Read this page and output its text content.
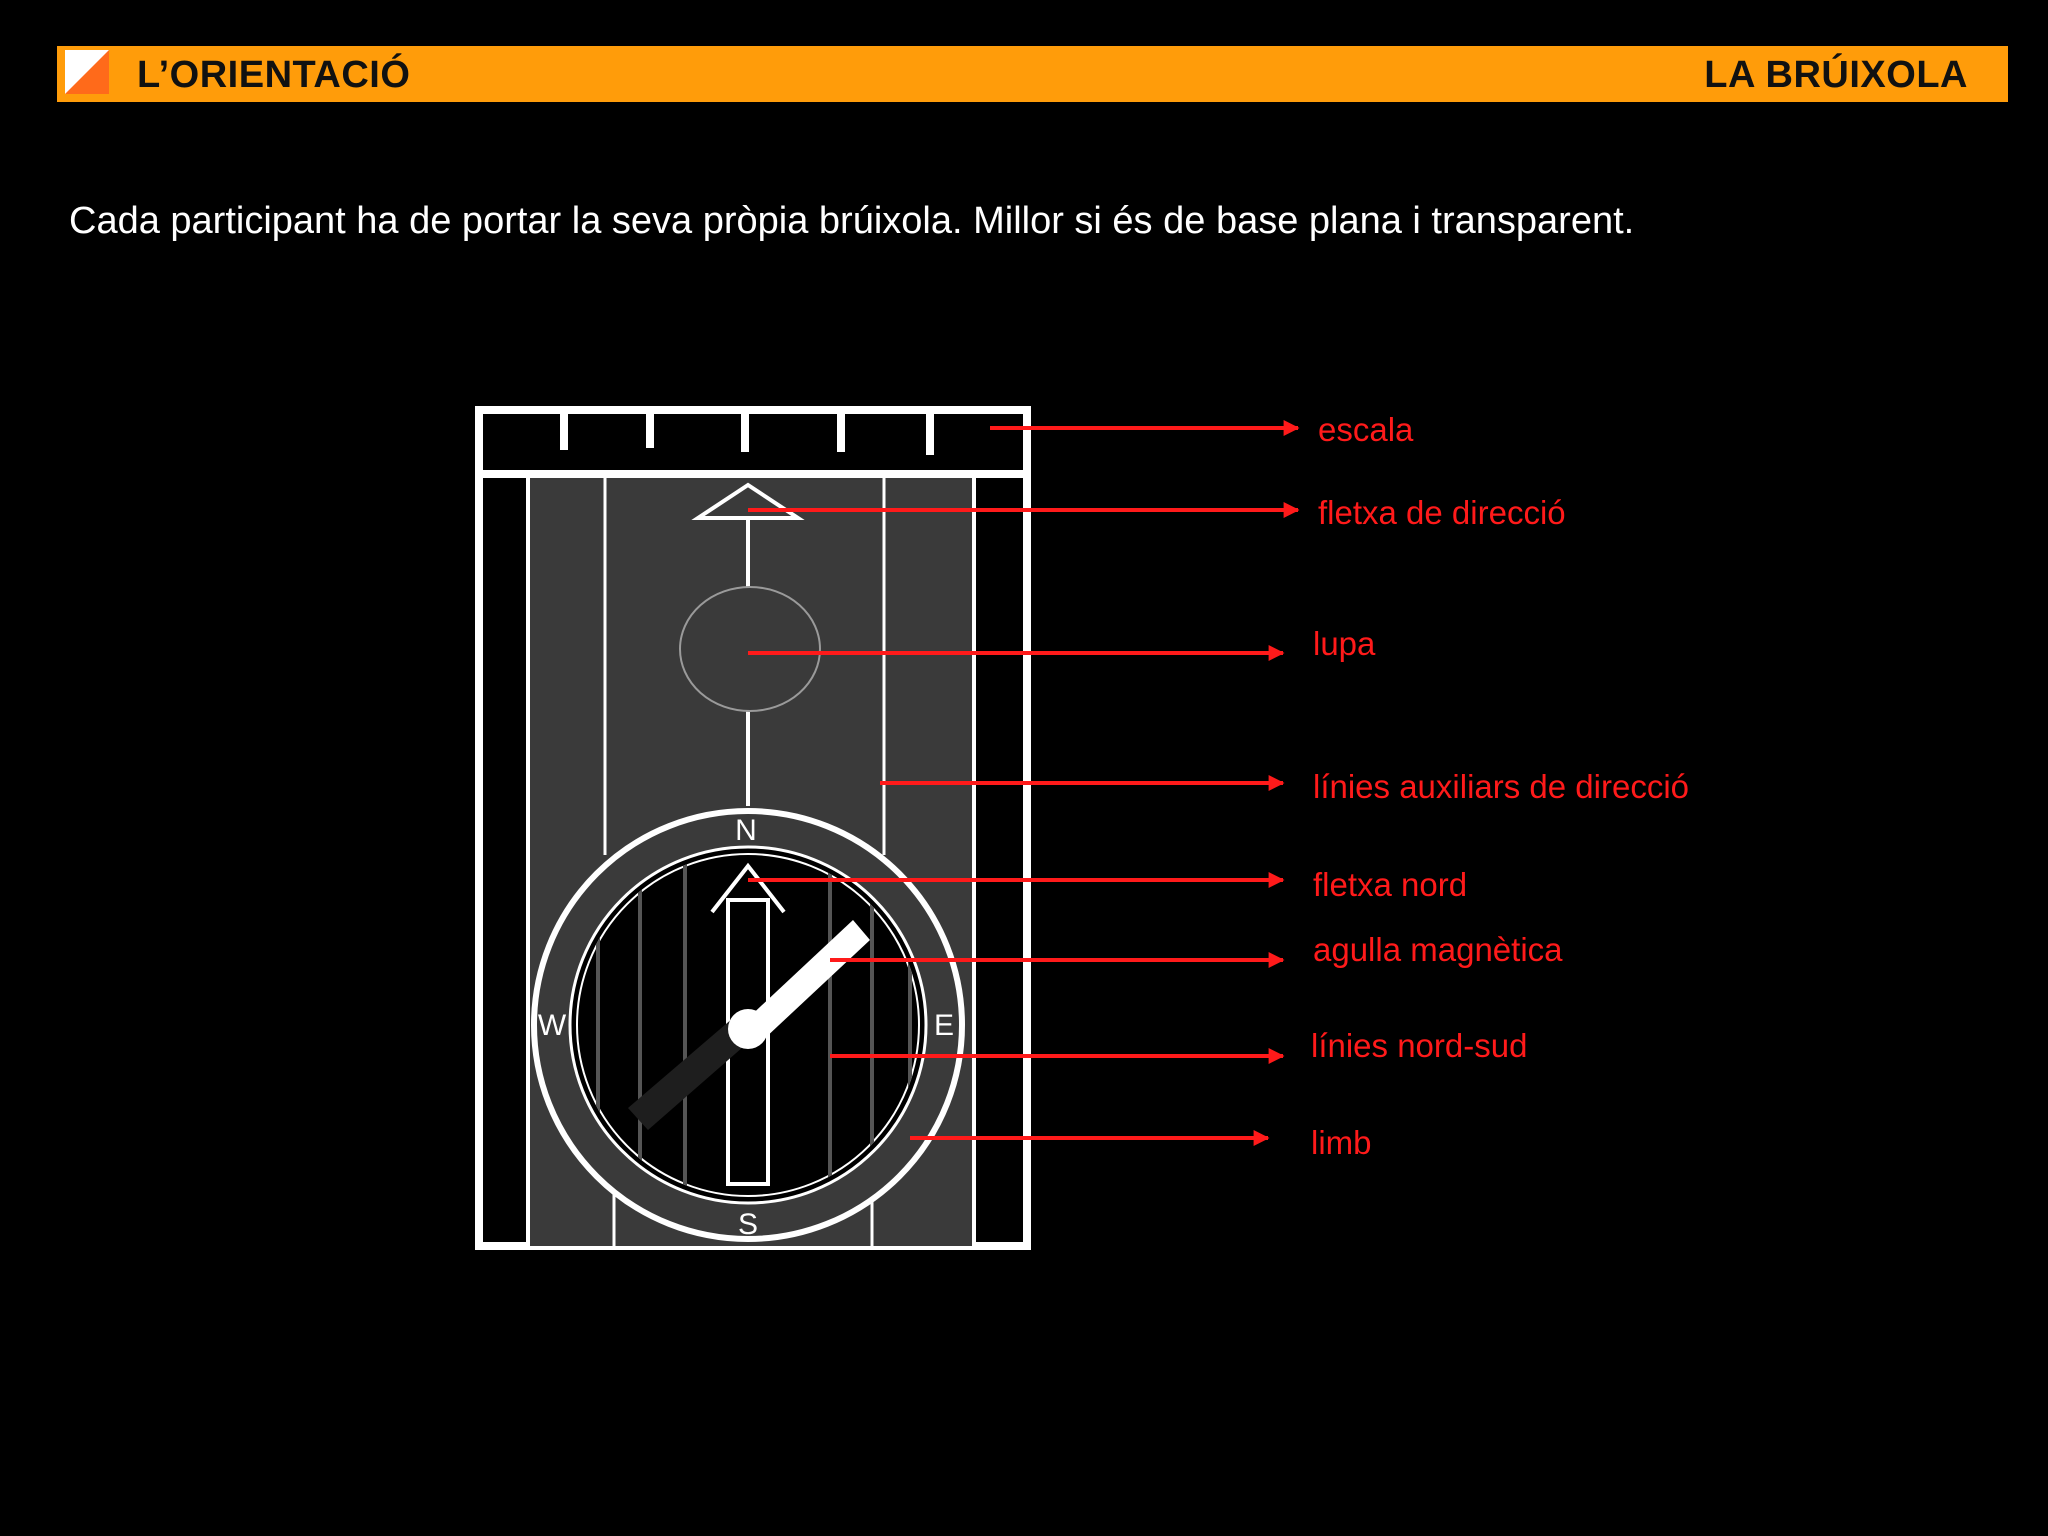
L’ORIENTACIÓ	LA BRÚIXOLA
Cada participant ha de portar la seva pròpia brúixola. Millor si és de base plana i transparent.
N
S
E
W
escala
fletxa de direcció
lupa
línies auxiliars de direcció
fletxa nord
agulla magnètica
línies nord-sud
limb
